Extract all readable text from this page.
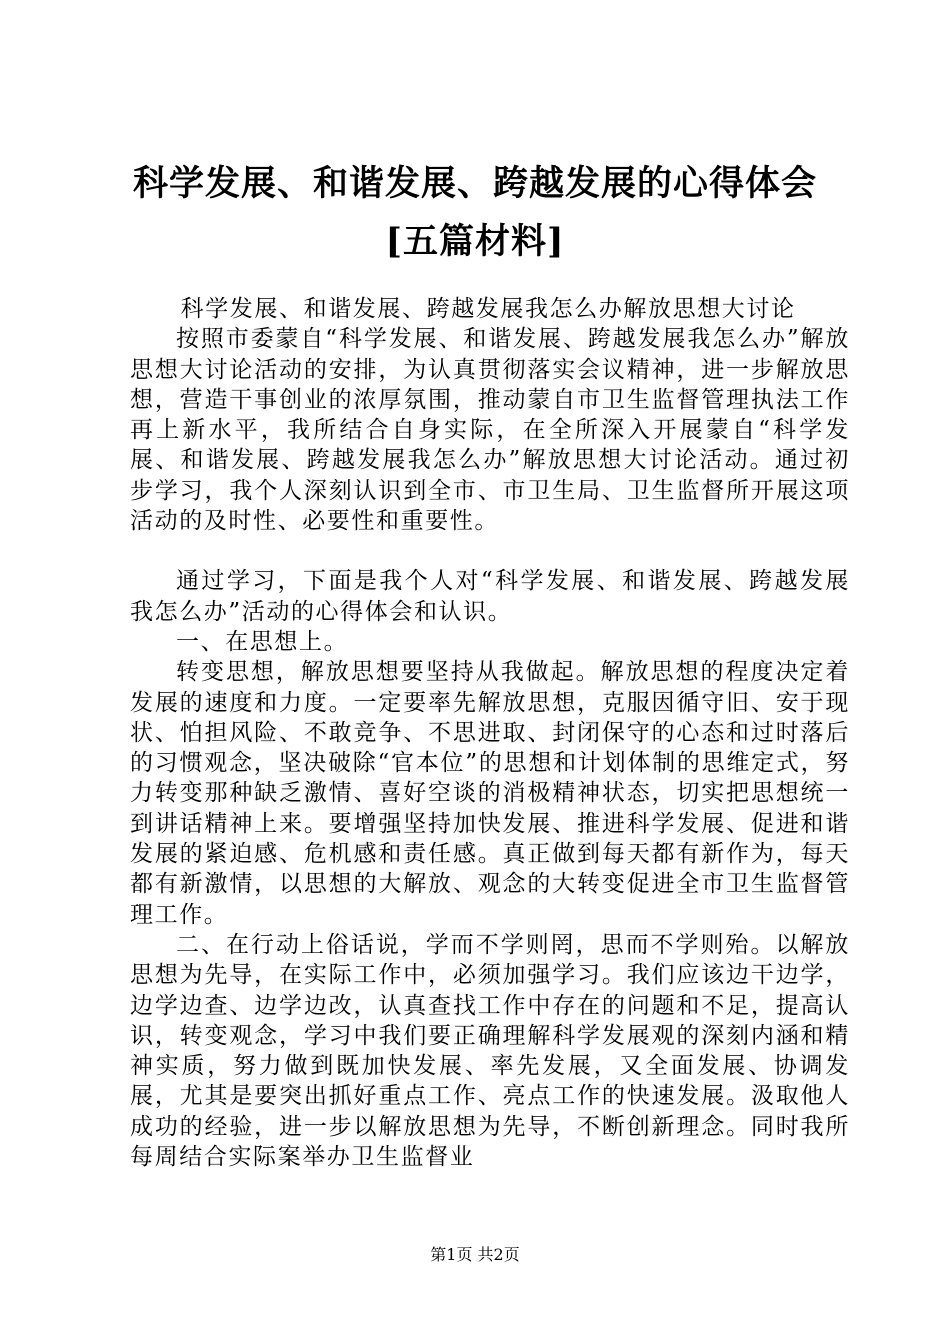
科学发展、和谐发展、跨越发展的心得体会
[五篇材料]

科学发展、和谐发展、跨越发展我怎么办解放思想大讨论

按照市委蒙自“科学发展、和谐发展、跨越发展我怎么办”解放思想大讨论活动的安排，为认真贯彻落实会议精神，进一步解放思想，营造干事创业的浓厚氛围，推动蒙自市卫生监督管理执法工作再上新水平，我所结合自身实际，在全所深入开展蒙自“科学发展、和谐发展、跨越发展我怎么办”解放思想大讨论活动。通过初步学习，我个人深刻认识到全市、市卫生局、卫生监督所开展这项活动的及时性、必要性和重要性。

通过学习，下面是我个人对“科学发展、和谐发展、跨越发展我怎么办”活动的心得体会和认识。

一、在思想上。

转变思想，解放思想要坚持从我做起。解放思想的程度决定着发展的速度和力度。一定要率先解放思想，克服因循守旧、安于现状、怕担风险、不敢竞争、不思进取、封闭保守的心态和过时落后的习惯观念，坚决破除“官本位”的思想和计划体制的思维定式，努力转变那种缺乏激情、喜好空谈的消极精神状态，切实把思想统一到讲话精神上来。要增强坚持加快发展、推进科学发展、促进和谐发展的紧迫感、危机感和责任感。真正做到每天都有新作为，每天都有新激情，以思想的大解放、观念的大转变促进全市卫生监督管理工作。

二、在行动上俗话说，学而不学则罔，思而不学则殆。以解放思想为先导，在实际工作中，必须加强学习。我们应该边干边学，边学边查、边学边改，认真查找工作中存在的问题和不足，提高认识，转变观念，学习中我们要正确理解科学发展观的深刻内涵和精神实质，努力做到既加快发展、率先发展，又全面发展、协调发展，尤其是要突出抓好重点工作、亮点工作的快速发展。汲取他人成功的经验，进一步以解放思想为先导，不断创新理念。同时我所每周结合实际案举办卫生监督业

第1页 共2页
